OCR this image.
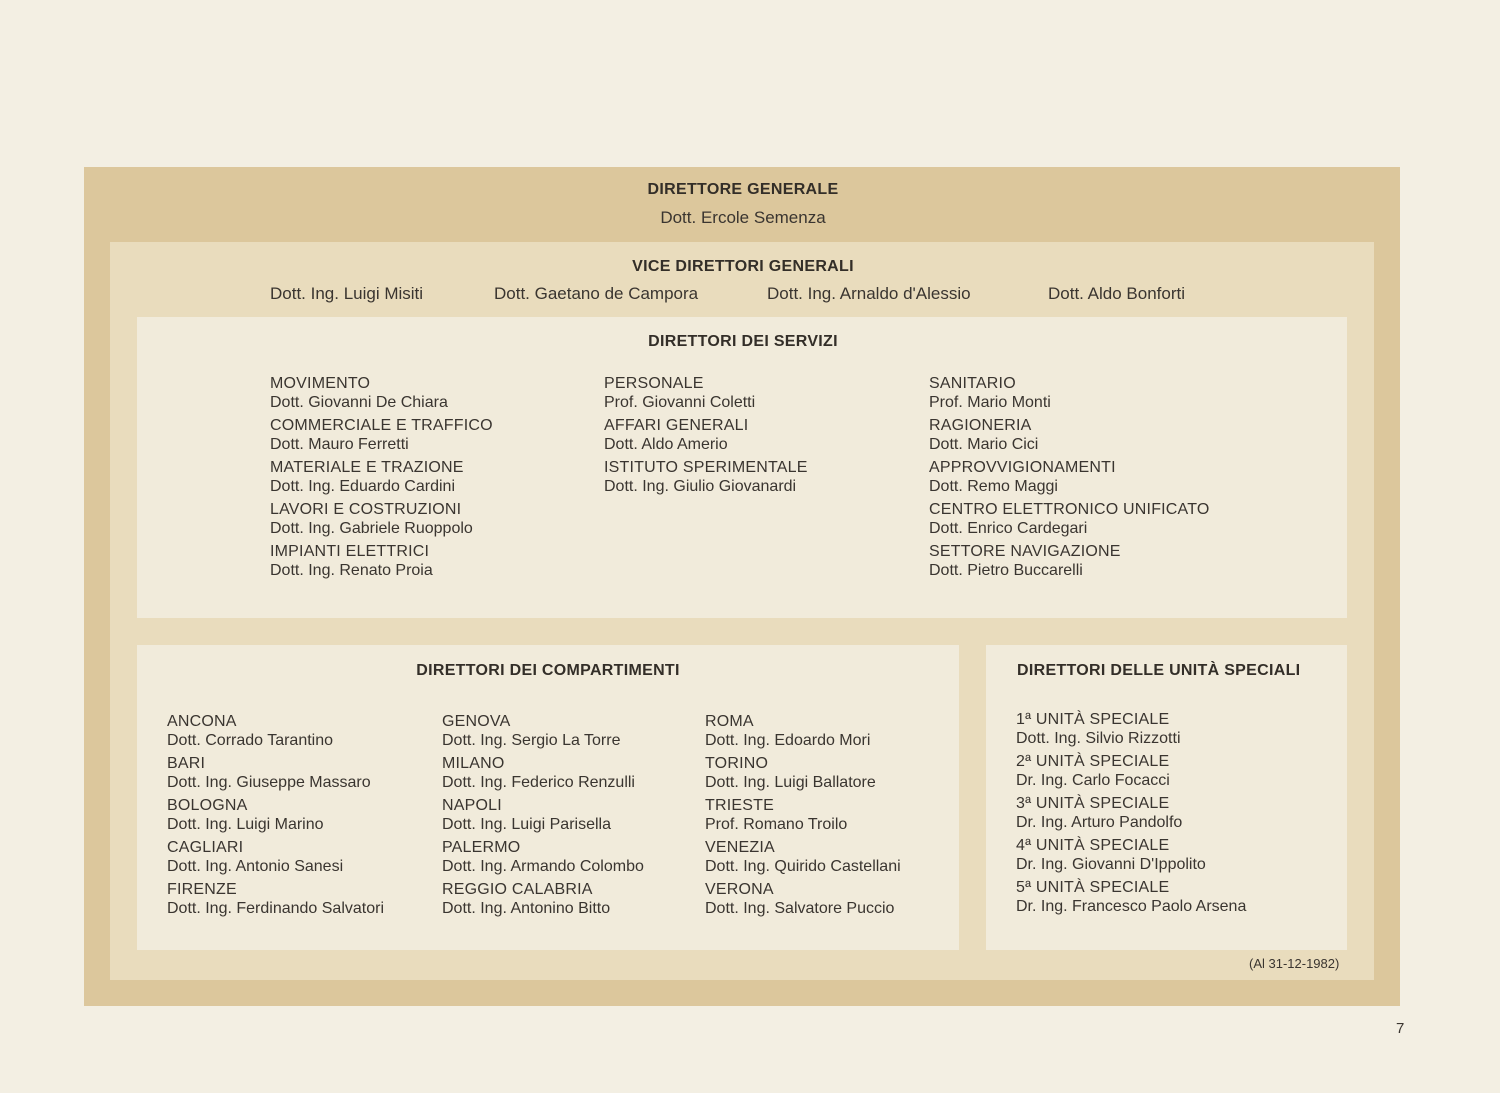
DIRETTORE GENERALE
Dott. Ercole Semenza
VICE DIRETTORI GENERALI
Dott. Ing. Luigi Misiti	Dott. Gaetano de Campora	Dott. Ing. Arnaldo d'Alessio	Dott. Aldo Bonforti
DIRETTORI DEI SERVIZI
MOVIMENTO
Dott. Giovanni De Chiara
COMMERCIALE E TRAFFICO
Dott. Mauro Ferretti
MATERIALE E TRAZIONE
Dott. Ing. Eduardo Cardini
LAVORI E COSTRUZIONI
Dott. Ing. Gabriele Ruoppolo
IMPIANTI ELETTRICI
Dott. Ing. Renato Proia
PERSONALE
Prof. Giovanni Coletti
AFFARI GENERALI
Dott. Aldo Amerio
ISTITUTO SPERIMENTALE
Dott. Ing. Giulio Giovanardi
SANITARIO
Prof. Mario Monti
RAGIONERIA
Dott. Mario Cici
APPROVVIGIONAMENTI
Dott. Remo Maggi
CENTRO ELETTRONICO UNIFICATO
Dott. Enrico Cardegari
SETTORE NAVIGAZIONE
Dott. Pietro Buccarelli
DIRETTORI DEI COMPARTIMENTI
ANCONA
Dott. Corrado Tarantino
BARI
Dott. Ing. Giuseppe Massaro
BOLOGNA
Dott. Ing. Luigi Marino
CAGLIARI
Dott. Ing. Antonio Sanesi
FIRENZE
Dott. Ing. Ferdinando Salvatori
GENOVA
Dott. Ing. Sergio La Torre
MILANO
Dott. Ing. Federico Renzulli
NAPOLI
Dott. Ing. Luigi Parisella
PALERMO
Dott. Ing. Armando Colombo
REGGIO CALABRIA
Dott. Ing. Antonino Bitto
ROMA
Dott. Ing. Edoardo Mori
TORINO
Dott. Ing. Luigi Ballatore
TRIESTE
Prof. Romano Troilo
VENEZIA
Dott. Ing. Quirido Castellani
VERONA
Dott. Ing. Salvatore Puccio
DIRETTORI DELLE UNITÀ SPECIALI
1ª UNITÀ SPECIALE
Dott. Ing. Silvio Rizzotti
2ª UNITÀ SPECIALE
Dr. Ing. Carlo Focacci
3ª UNITÀ SPECIALE
Dr. Ing. Arturo Pandolfo
4ª UNITÀ SPECIALE
Dr. Ing. Giovanni D'Ippolito
5ª UNITÀ SPECIALE
Dr. Ing. Francesco Paolo Arsena
(Al 31-12-1982)
7
